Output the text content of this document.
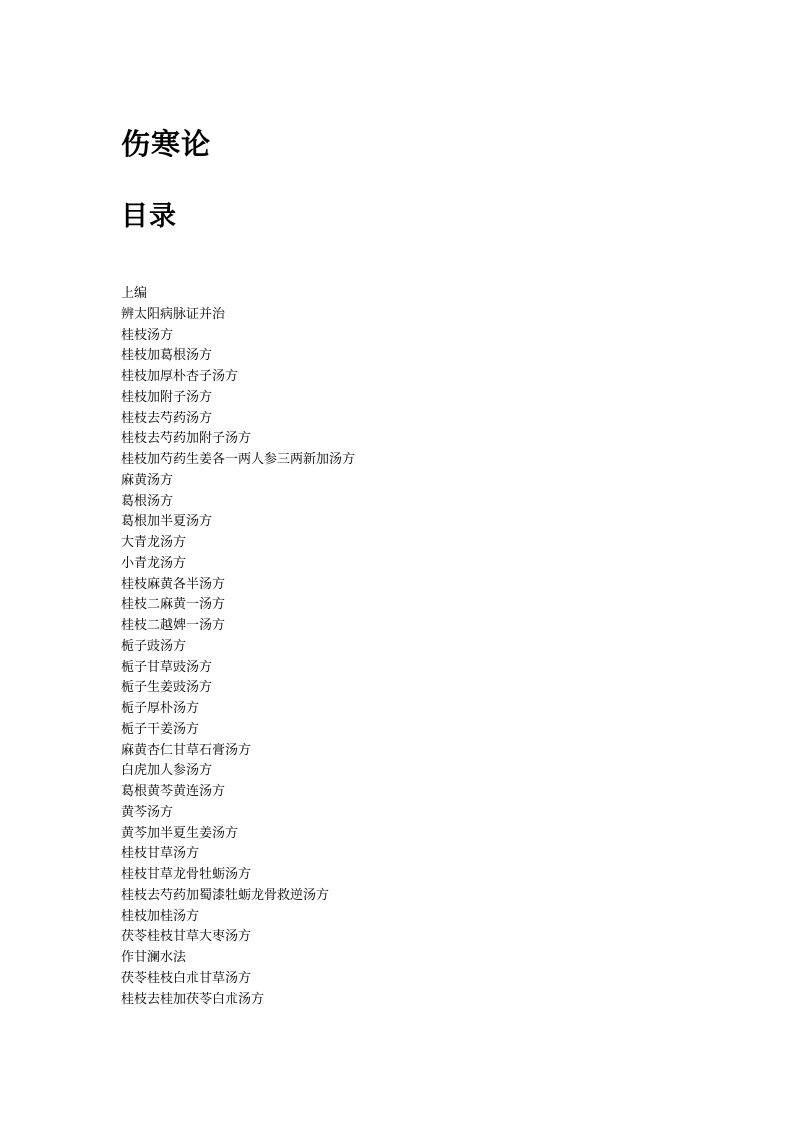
伤寒论
目录
上编
辨太阳病脉证并治
桂枝汤方
桂枝加葛根汤方
桂枝加厚朴杏子汤方
桂枝加附子汤方
桂枝去芍药汤方
桂枝去芍药加附子汤方
桂枝加芍药生姜各一两人参三两新加汤方
麻黄汤方
葛根汤方
葛根加半夏汤方
大青龙汤方
小青龙汤方
桂枝麻黄各半汤方
桂枝二麻黄一汤方
桂枝二越婢一汤方
栀子豉汤方
栀子甘草豉汤方
栀子生姜豉汤方
栀子厚朴汤方
栀子干姜汤方
麻黄杏仁甘草石膏汤方
白虎加人参汤方
葛根黄芩黄连汤方
黄芩汤方
黄芩加半夏生姜汤方
桂枝甘草汤方
桂枝甘草龙骨牡蛎汤方
桂枝去芍药加蜀漆牡蛎龙骨救逆汤方
桂枝加桂汤方
茯苓桂枝甘草大枣汤方
作甘澜水法
茯苓桂枝白朮甘草汤方
桂枝去桂加茯苓白朮汤方
